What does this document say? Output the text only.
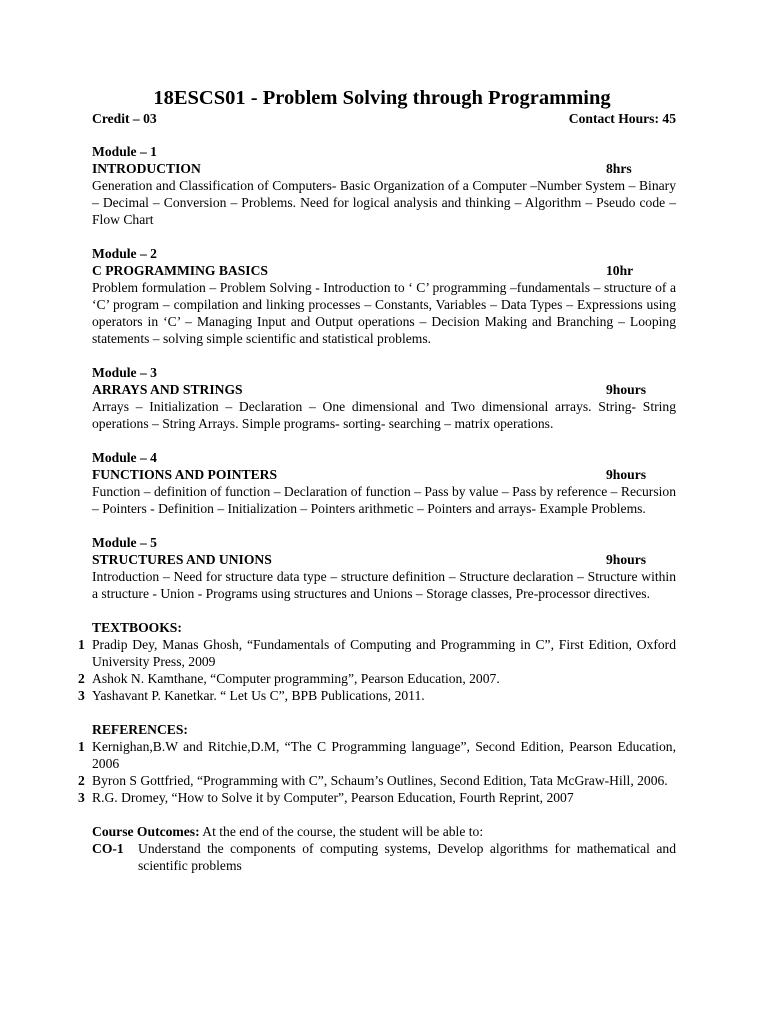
18ESCS01 - Problem Solving through Programming
Credit – 03	Contact Hours: 45
Module – 1
INTRODUCTION	8hrs
Generation and Classification of Computers- Basic Organization of a Computer –Number System – Binary – Decimal – Conversion – Problems. Need for logical analysis and thinking – Algorithm – Pseudo code – Flow Chart
Module – 2
C PROGRAMMING BASICS	10hr
Problem formulation – Problem Solving - Introduction to ‘ C’ programming –fundamentals – structure of a ‘C’ program – compilation and linking processes – Constants, Variables – Data Types – Expressions using operators in ‘C’ – Managing Input and Output operations – Decision Making and Branching – Looping statements – solving simple scientific and statistical problems.
Module – 3
ARRAYS AND STRINGS	9hours
Arrays – Initialization – Declaration – One dimensional and Two dimensional arrays. String- String operations – String Arrays. Simple programs- sorting- searching – matrix operations.
Module – 4
FUNCTIONS AND POINTERS	9hours
Function – definition of function – Declaration of function – Pass by value – Pass by reference – Recursion – Pointers - Definition – Initialization – Pointers arithmetic – Pointers and arrays- Example Problems.
Module – 5
STRUCTURES AND UNIONS	9hours
Introduction – Need for structure data type – structure definition – Structure declaration – Structure within a structure - Union - Programs using structures and Unions – Storage classes, Pre-processor directives.
TEXTBOOKS:
1 Pradip Dey, Manas Ghosh, “Fundamentals of Computing and Programming in C”, First Edition, Oxford University Press, 2009
2 Ashok N. Kamthane, “Computer programming”, Pearson Education, 2007.
3 Yashavant P. Kanetkar. “ Let Us C”, BPB Publications, 2011.
REFERENCES:
1 Kernighan,B.W and Ritchie,D.M, “The C Programming language”, Second Edition, Pearson Education, 2006
2 Byron S Gottfried, “Programming with C”, Schaum’s Outlines, Second Edition, Tata McGraw-Hill, 2006.
3 R.G. Dromey, “How to Solve it by Computer”, Pearson Education, Fourth Reprint, 2007
Course Outcomes: At the end of the course, the student will be able to:
CO-1 Understand the components of computing systems, Develop algorithms for mathematical and scientific problems
